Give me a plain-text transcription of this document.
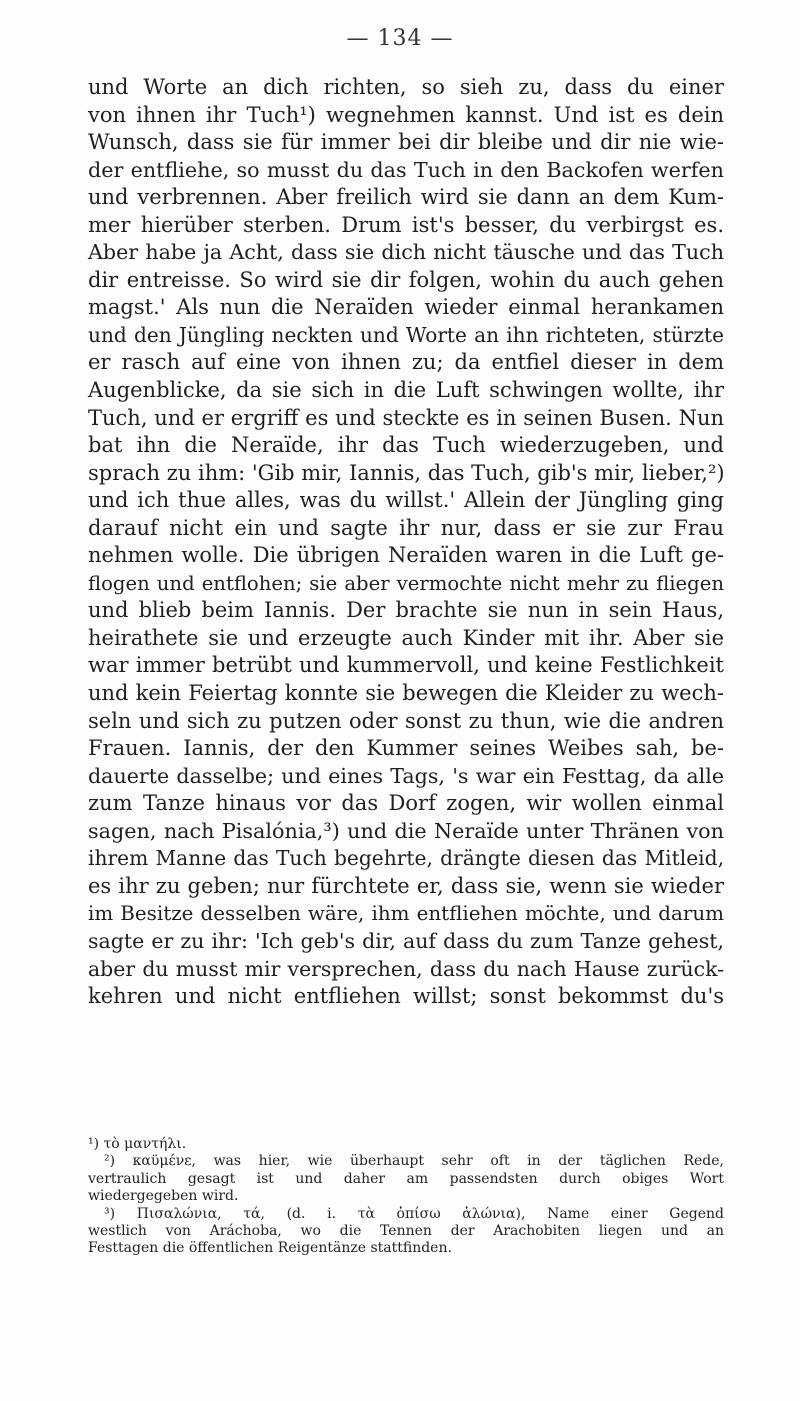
— 134 —
und Worte an dich richten, so sieh zu, dass du einer
von ihnen ihr Tuch¹) wegnehmen kannst. Und ist es dein
Wunsch, dass sie für immer bei dir bleibe und dir nie wie-
der entfliehe, so musst du das Tuch in den Backofen werfen
und verbrennen. Aber freilich wird sie dann an dem Kum-
mer hierüber sterben. Drum ist's besser, du verbirgst es.
Aber habe ja Acht, dass sie dich nicht täusche und das Tuch
dir entreisse. So wird sie dir folgen, wohin du auch gehen
magst.' Als nun die Neraïden wieder einmal herankamen
und den Jüngling neckten und Worte an ihn richteten, stürzte
er rasch auf eine von ihnen zu; da entfiel dieser in dem
Augenblicke, da sie sich in die Luft schwingen wollte, ihr
Tuch, und er ergriff es und steckte es in seinen Busen. Nun
bat ihn die Neraïde, ihr das Tuch wiederzugeben, und
sprach zu ihm: 'Gib mir, Iannis, das Tuch, gib's mir, lieber,²)
und ich thue alles, was du willst.' Allein der Jüngling ging
darauf nicht ein und sagte ihr nur, dass er sie zur Frau
nehmen wolle. Die übrigen Neraïden waren in die Luft ge-
flogen und entflohen; sie aber vermochte nicht mehr zu fliegen
und blieb beim Iannis. Der brachte sie nun in sein Haus,
heirathete sie und erzeugte auch Kinder mit ihr. Aber sie
war immer betrübt und kummervoll, und keine Festlichkeit
und kein Feiertag konnte sie bewegen die Kleider zu wech-
seln und sich zu putzen oder sonst zu thun, wie die andren
Frauen. Iannis, der den Kummer seines Weibes sah, be-
dauerte dasselbe; und eines Tags, 's war ein Festtag, da alle
zum Tanze hinaus vor das Dorf zogen, wir wollen einmal
sagen, nach Pisalónia,³) und die Neraïde unter Thränen von
ihrem Manne das Tuch begehrte, drängte diesen das Mitleid,
es ihr zu geben; nur fürchtete er, dass sie, wenn sie wieder
im Besitze desselben wäre, ihm entfliehen möchte, und darum
sagte er zu ihr: 'Ich geb's dir, auf dass du zum Tanze gehest,
aber du musst mir versprechen, dass du nach Hause zurück-
kehren und nicht entfliehen willst; sonst bekommst du's
¹) τὸ μαντήλι.
²) καϋμένε, was hier, wie überhaupt sehr oft in der täglichen Rede,
vertraulich gesagt ist und daher am passendsten durch obiges Wort
wiedergegeben wird.
³) Πισαλώνια, τά, (d. i. τὰ ὀπίσω ἁλώνια), Name einer Gegend
westlich von Aráchoba, wo die Tennen der Arachobiten liegen und an
Festtagen die öffentlichen Reigentänze stattfinden.
